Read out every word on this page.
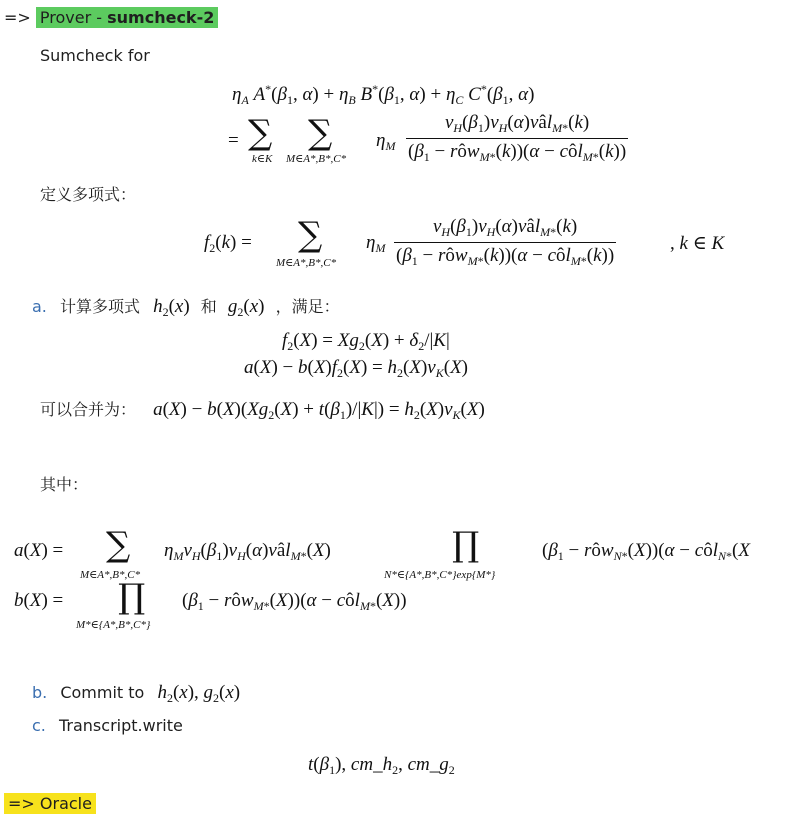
=> Prover - sumcheck-2
Sumcheck for
$\eta_A$ $A^*(\beta_1$, $\alpha) + \eta_B$ $B^*(\beta_1$, $\alpha) + \eta_C$ $C^*(\beta_1$, α)
= ∑
k∈K
∑
M∈A*,B*,C*
$\eta_M \frac{v_H(\beta_1)v_H(\alpha)vâl_{M*}(k)}{(\beta_1 - rôw_{M*}(k))(\alpha - côl_{M*}(k))}$
定义多项式：
$f_2(k)$ = ∑
M∈A*,B*,C*
$\eta_M \frac{v_H(\beta_1)v_H(\alpha)vâl_{M*}(k)}{(\beta_1 - rôw_{M*}(k))(\alpha - côl_{M*}(k))}$	, k ∈ K
a. 计算多项式 $h_2(x)$ 和 $g_2(x)$ ，满足：
$f_2(X) = Xg_2(X) + \delta_2/|K|$
$a(X) - b(X)f_2(X) = h_2(X)v_K(X)$
可以合并为： $a(X) - b(X)(Xg_2(X) + t(\beta_1)/|K|) = h_2(X)v_K(X)$
其中：
a(X) = ∑
M∈A*,B*,C*
$\eta_Mv_H(\beta_1)v_H(\alpha)vâl_{M*}(X)$	∏
N*∈{A*,B*,C*}exp{M*}
($\beta_1$ − rôw$_{N*}$(X))(α − côl$_{N*}$(X
b(X) = ∏
M*∈{A*,B*,C*}
($\beta_1$ − rôw$_{M*}$(X))(α − côl$_{M*}$(X))
b. Commit to $h_2(x)$, $g_2(x)$
c. Transcript.write
$t(\beta_1)$, $cm\_h_2$, $cm\_g_2$
=> Oracle
